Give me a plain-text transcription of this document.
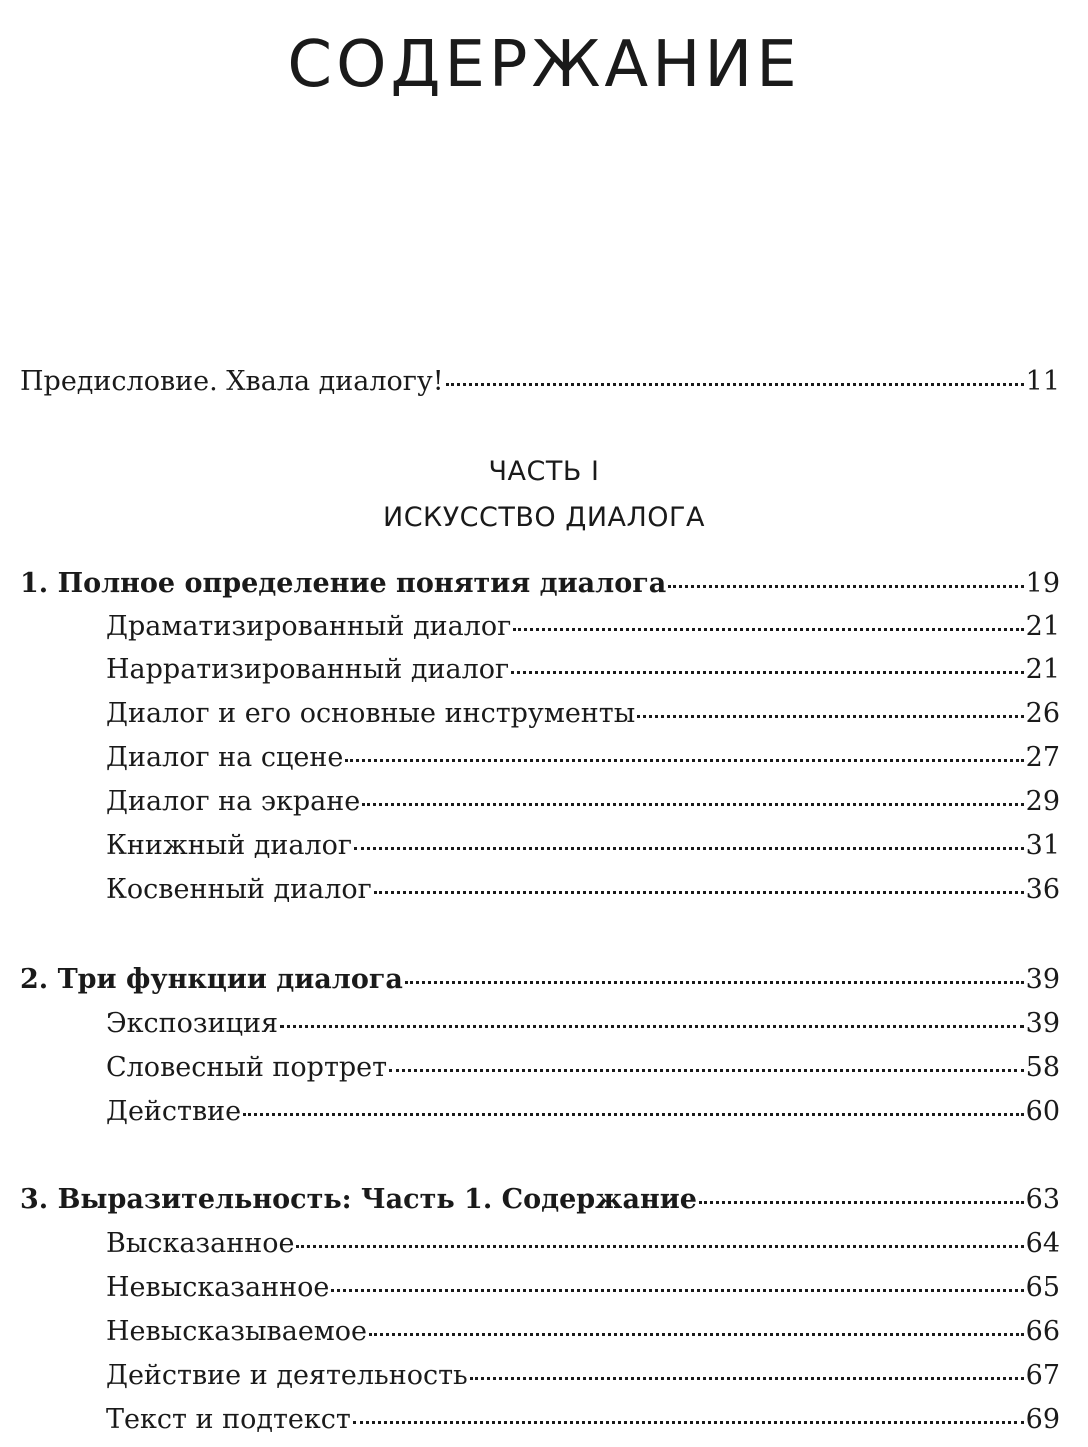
СОДЕРЖАНИЕ
Предисловие. Хвала диалогу!	11
ЧАСТЬ I
ИСКУССТВО ДИАЛОГА
1. Полное определение понятия диалога	19
Драматизированный диалог	21
Нарратизированный диалог	21
Диалог и его основные инструменты	26
Диалог на сцене	27
Диалог на экране	29
Книжный диалог	31
Косвенный диалог	36
2. Три функции диалога	39
Экспозиция	39
Словесный портрет	58
Действие	60
3. Выразительность: Часть 1. Содержание	63
Высказанное	64
Невысказанное	65
Невысказываемое	66
Действие и деятельность	67
Текст и подтекст	69
